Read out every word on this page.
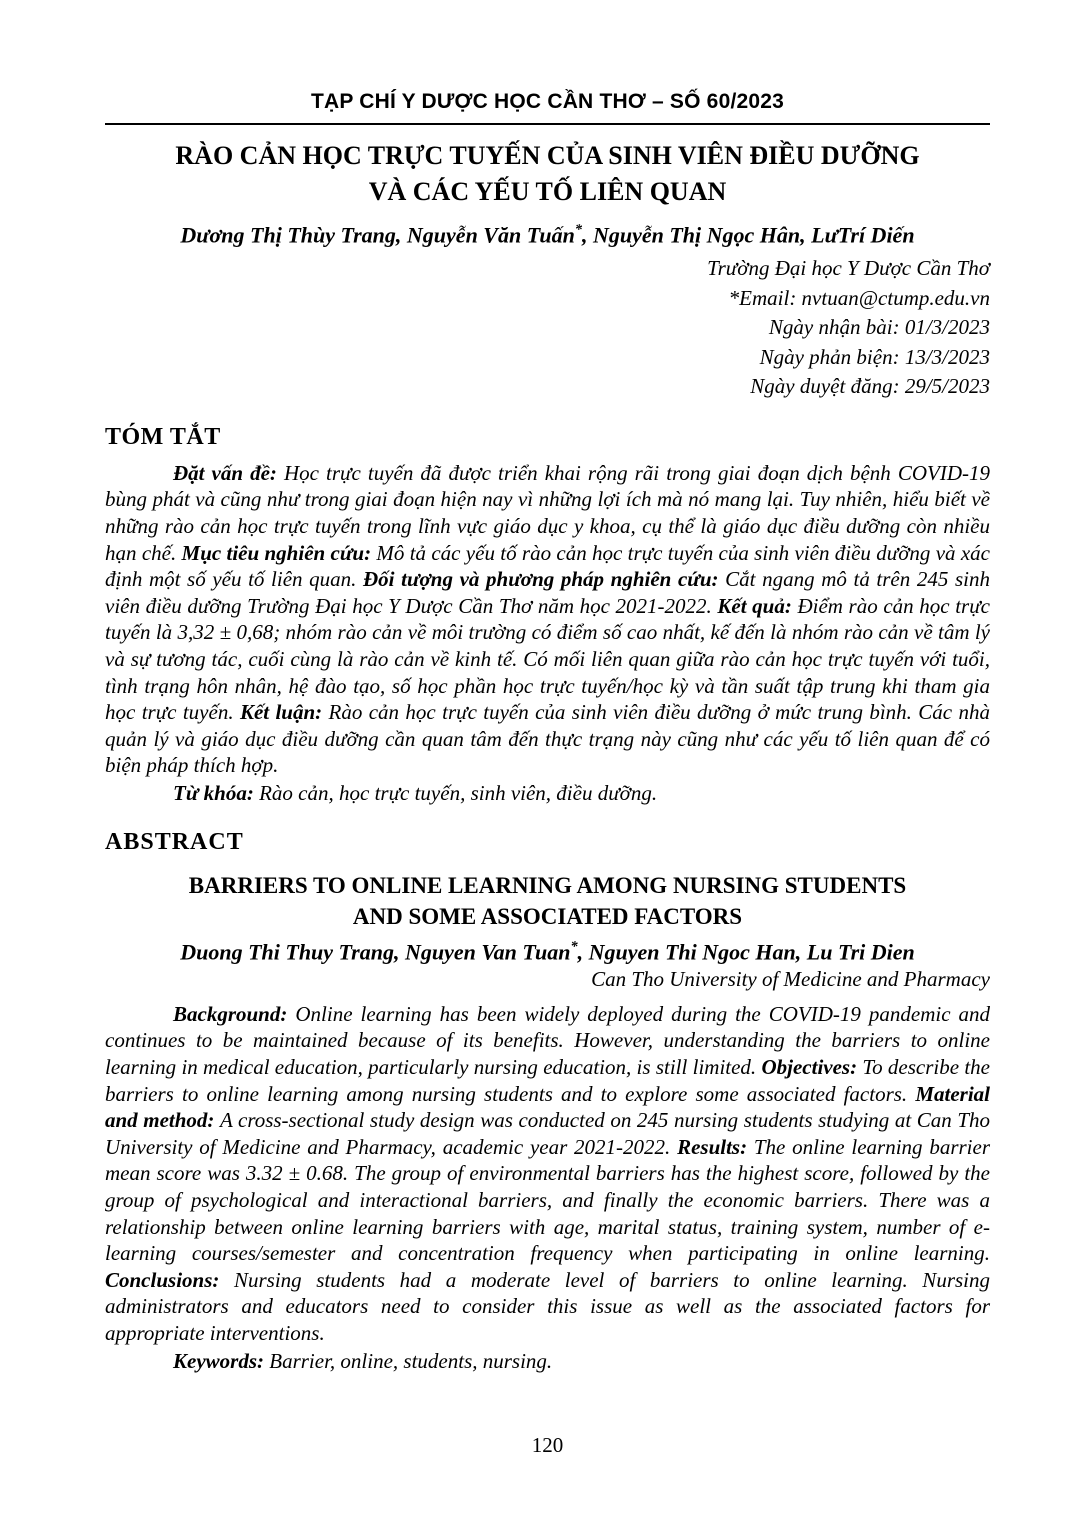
TẠP CHÍ Y DƯỢC HỌC CẦN THƠ – SỐ 60/2023
RÀO CẢN HỌC TRỰC TUYẾN CỦA SINH VIÊN ĐIỀU DƯỠNG
VÀ CÁC YẾU TỐ LIÊN QUAN
Dương Thị Thùy Trang, Nguyễn Văn Tuấn*, Nguyễn Thị Ngọc Hân, LưTrí Diến
Trường Đại học Y Dược Cần Thơ
*Email: nvtuan@ctump.edu.vn
Ngày nhận bài: 01/3/2023
Ngày phản biện: 13/3/2023
Ngày duyệt đăng: 29/5/2023
TÓM TẮT

Đặt vấn đề: Học trực tuyến đã được triển khai rộng rãi trong giai đoạn dịch bệnh COVID-19 bùng phát và cũng như trong giai đoạn hiện nay vì những lợi ích mà nó mang lại. Tuy nhiên, hiểu biết về những rào cản học trực tuyến trong lĩnh vực giáo dục y khoa, cụ thể là giáo dục điều dưỡng còn nhiều hạn chế. Mục tiêu nghiên cứu: Mô tả các yếu tố rào cản học trực tuyến của sinh viên điều dưỡng và xác định một số yếu tố liên quan. Đối tượng và phương pháp nghiên cứu: Cắt ngang mô tả trên 245 sinh viên điều dưỡng Trường Đại học Y Dược Cần Thơ năm học 2021-2022. Kết quả: Điểm rào cản học trực tuyến là 3,32 ± 0,68; nhóm rào cản về môi trường có điểm số cao nhất, kế đến là nhóm rào cản về tâm lý và sự tương tác, cuối cùng là rào cản về kinh tế. Có mối liên quan giữa rào cản học trực tuyến với tuổi, tình trạng hôn nhân, hệ đào tạo, số học phần học trực tuyến/học kỳ và tần suất tập trung khi tham gia học trực tuyến. Kết luận: Rào cản học trực tuyến của sinh viên điều dưỡng ở mức trung bình. Các nhà quản lý và giáo dục điều dưỡng cần quan tâm đến thực trạng này cũng như các yếu tố liên quan để có biện pháp thích hợp.

Từ khóa: Rào cản, học trực tuyến, sinh viên, điều dưỡng.

ABSTRACT
BARRIERS TO ONLINE LEARNING AMONG NURSING STUDENTS
AND SOME ASSOCIATED FACTORS
Duong Thi Thuy Trang, Nguyen Van Tuan*, Nguyen Thi Ngoc Han, Lu Tri Dien
Can Tho University of Medicine and Pharmacy

Background: Online learning has been widely deployed during the COVID-19 pandemic and continues to be maintained because of its benefits. However, understanding the barriers to online learning in medical education, particularly nursing education, is still limited. Objectives: To describe the barriers to online learning among nursing students and to explore some associated factors. Material and method: A cross-sectional study design was conducted on 245 nursing students studying at Can Tho University of Medicine and Pharmacy, academic year 2021-2022. Results: The online learning barrier mean score was 3.32 ± 0.68. The group of environmental barriers has the highest score, followed by the group of psychological and interactional barriers, and finally the economic barriers. There was a relationship between online learning barriers with age, marital status, training system, number of e-learning courses/semester and concentration frequency when participating in online learning. Conclusions: Nursing students had a moderate level of barriers to online learning. Nursing administrators and educators need to consider this issue as well as the associated factors for appropriate interventions.

Keywords: Barrier, online, students, nursing.

120
